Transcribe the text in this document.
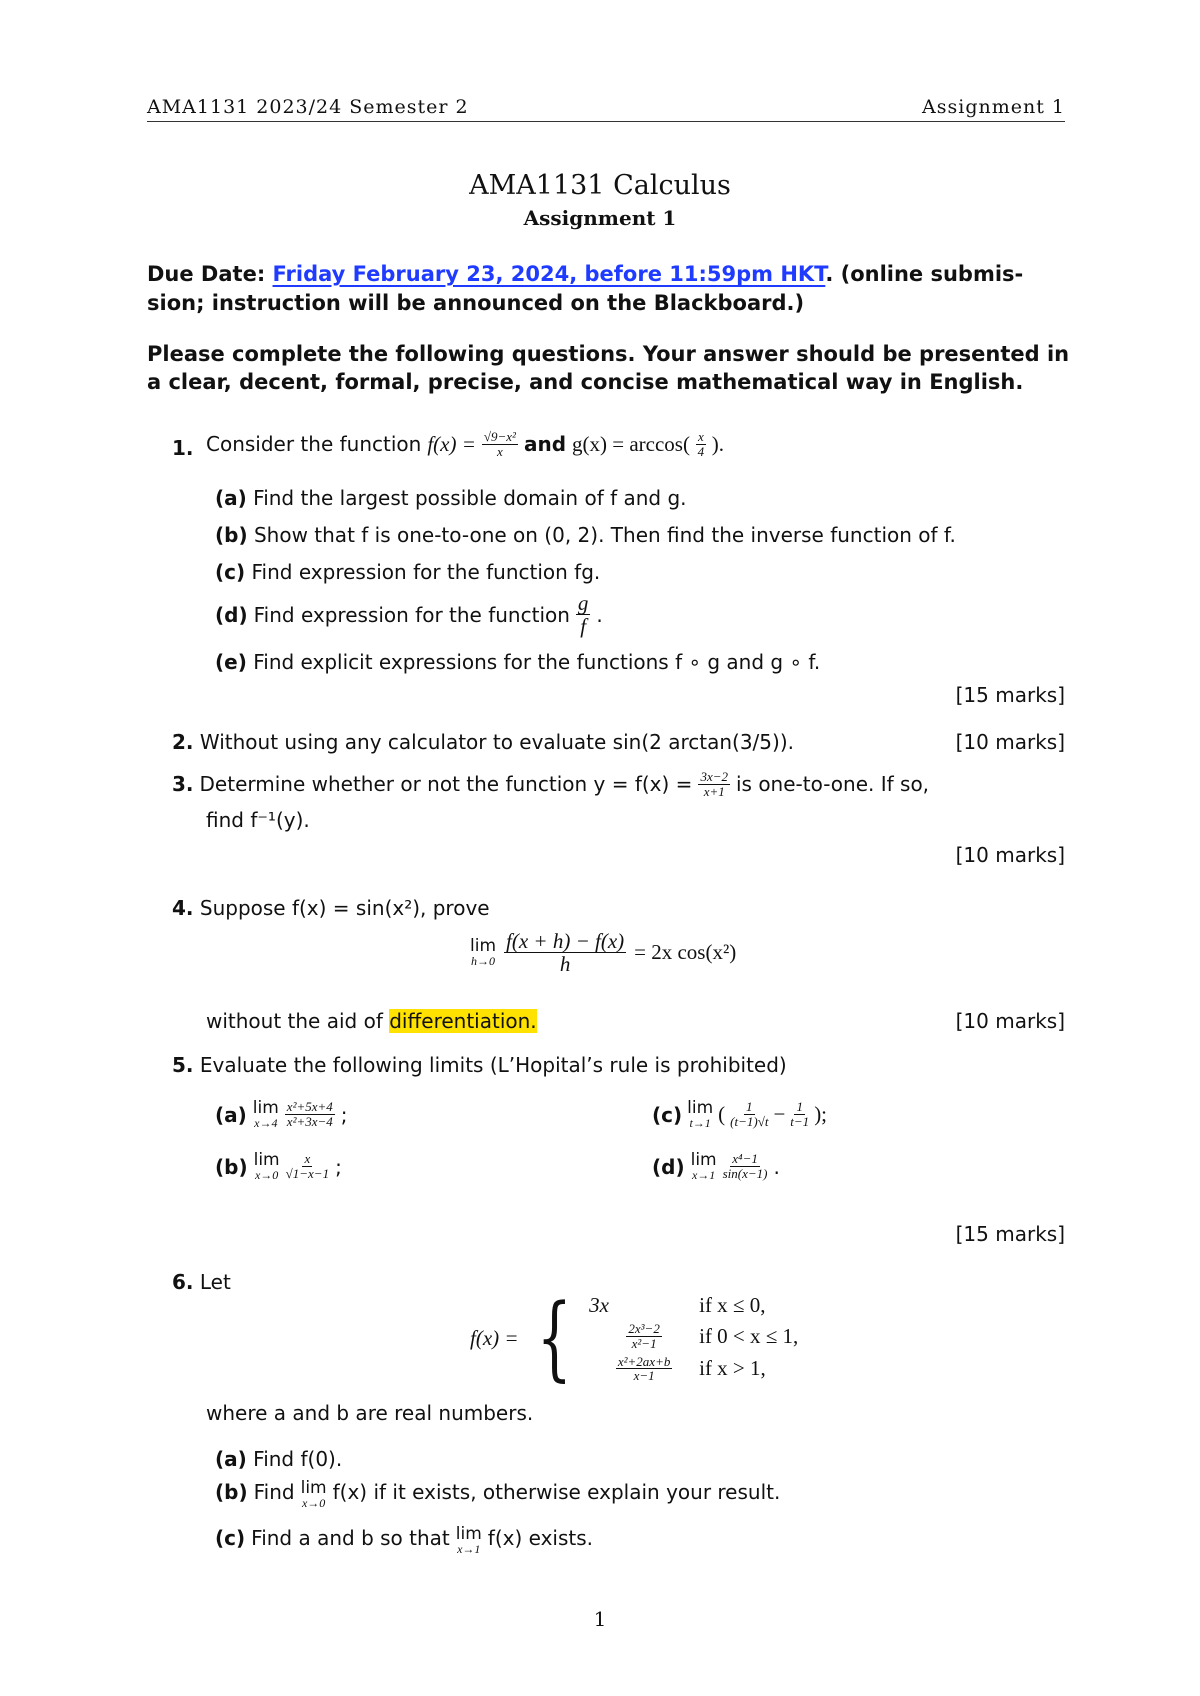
AMA1131 2023/24 Semester 2	Assignment 1
AMA1131 Calculus
Assignment 1
Due Date: Friday February 23, 2024, before 11:59pm HKT. (online submis-
sion; instruction will be announced on the Blackboard.)
Please complete the following questions. Your answer should be presented in
a clear, decent, formal, precise, and concise mathematical way in English.
1. Consider the function $f(x) = \frac{\text{√9−x²}}{x}$ and $g(x) = \arccos( \frac{x}{4}$ ).
(a) Find the largest possible domain of f and g.
(b) Show that f is one-to-one on (0, 2). Then find the inverse function of f.
(c) Find expression for the function fg.
(d) Find expression for the function $\frac{g}{f}$ .
(e) Find explicit expressions for the functions f ∘ g and g ∘ f.
[15 marks]
2. Without using any calculator to evaluate sin(2 arctan(3/5)).	[10 marks]
3. Determine whether or not the function $y = f(x) = \frac{3x-2}{x+1}$ is one-to-one. If so,
find f⁻¹(y).
[10 marks]
4. Suppose f(x) = sin(x²), prove
lim
$h\to 0 \frac{f(x + h) - f(x)}{h} = 2x$ cos(x²)
without the aid of differentiation.	[10 marks]
5. Evaluate the following limits (L’Hopital’s rule is prohibited)
(a) lim
$x\to 4 \frac{\text{x²+5x+4}}{\text{x²+3x−4}}$ ;
(b) lim
$x\to 0 \frac{x}{√1-x-1}$ ;
(c) lim
t→1 ( $\frac{1}{(t-1)√t} - \frac{1}{t-1}$ );
(d) lim
$x\to 1 \frac{\text{x⁴−1}}{\sin(x-1)}$ .
[15 marks]
6. Let
f(x) = { 3x	if x ≤ 0,
$\frac{\text{2x³−2}}{\text{x²−1}}$ if 0 < x ≤ 1,
$\frac{\text{x²+2ax+b}}{x-1}$ if x > 1,
where a and b are real numbers.
(a) Find f(0).
(b) Find lim
x→0 f(x) if it exists, otherwise explain your result.
(c) Find a and b so that lim
x→1 f(x) exists.
1
